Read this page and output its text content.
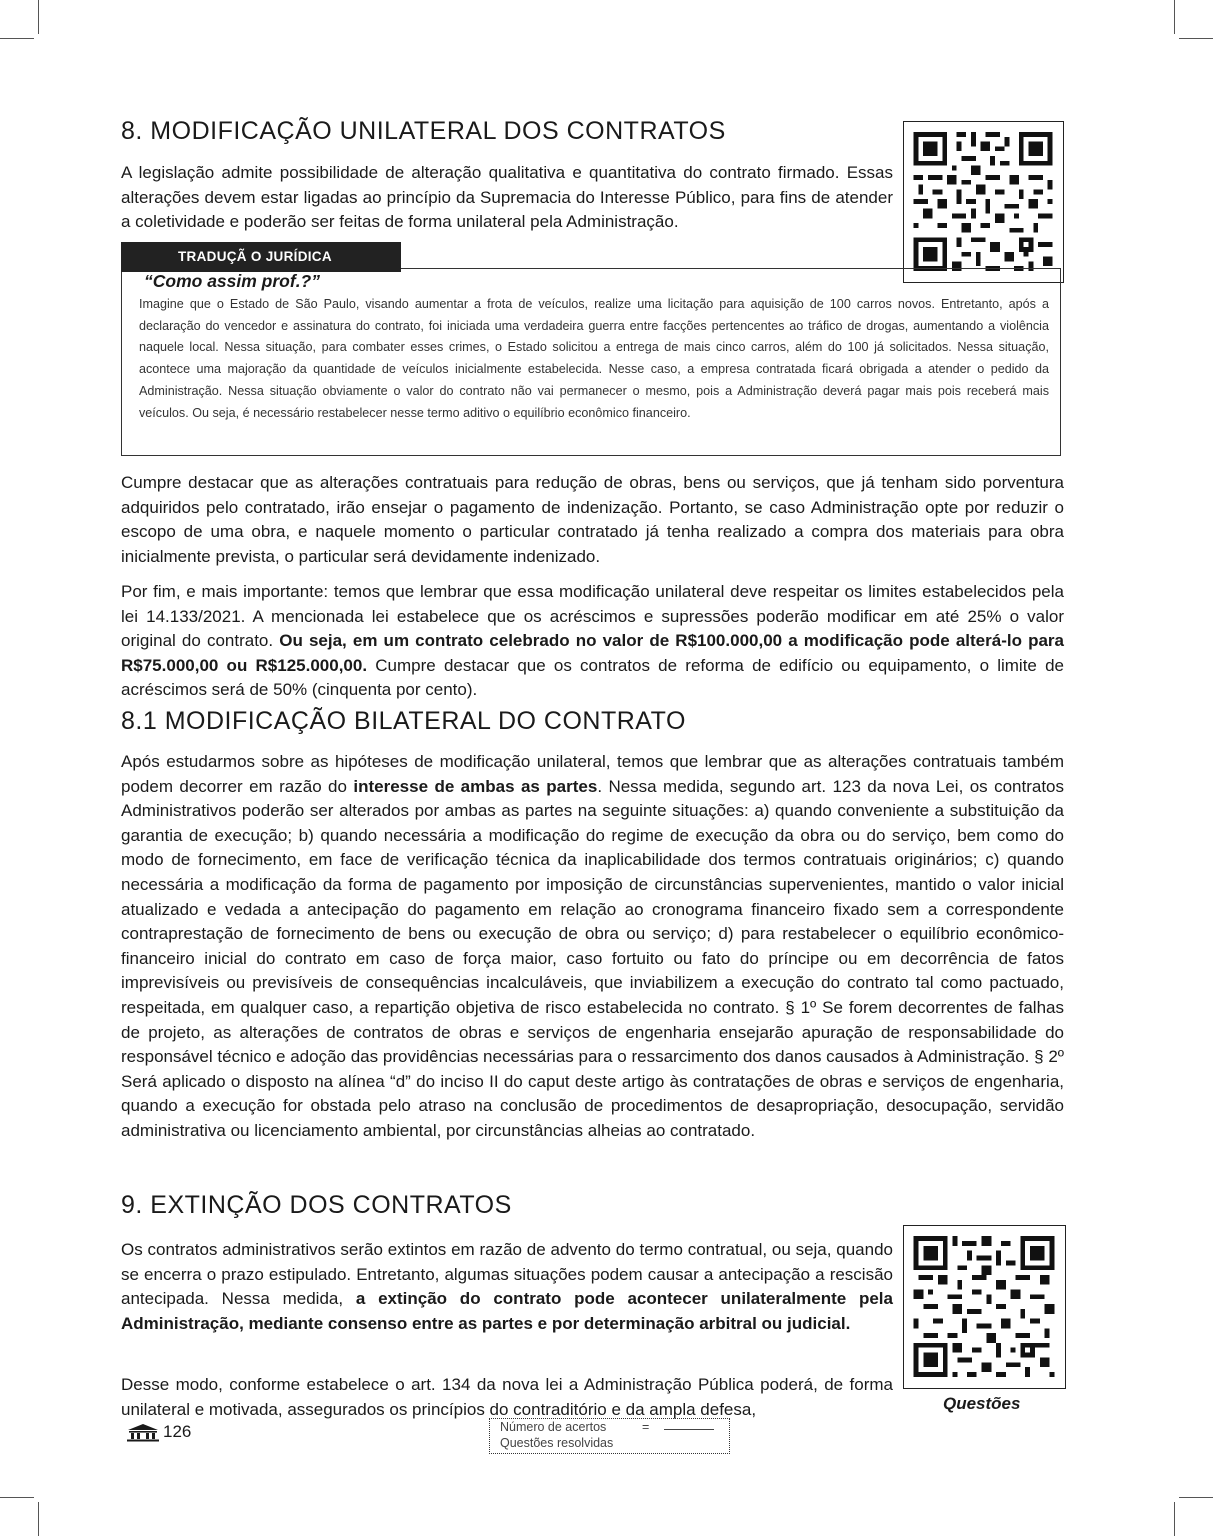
8. MODIFICAÇÃO UNILATERAL DOS CONTRATOS

A legislação admite possibilidade de alteração qualitativa e quantitativa do contrato firmado. Essas alterações devem estar ligadas ao princípio da Supremacia do Interesse Público, para fins de atender a coletividade e poderão ser feitas de forma unilateral pela Administração.

TRADUÇÃ O JURÍDICA
“Como assim prof.?”

Imagine que o Estado de São Paulo, visando aumentar a frota de veículos, realize uma licitação para aquisição de 100 carros novos. Entretanto, após a declaração do vencedor e assinatura do contrato, foi iniciada uma verdadeira guerra entre facções pertencentes ao tráfico de drogas, aumentando a violência naquele local. Nessa situação, para combater esses crimes, o Estado solicitou a entrega de mais cinco carros, além do 100 já solicitados. Nessa situação, acontece uma majoração da quantidade de veículos inicialmente estabelecida. Nesse caso, a empresa contratada ficará obrigada a atender o pedido da Administração. Nessa situação obviamente o valor do contrato não vai permanecer o mesmo, pois a Administração deverá pagar mais pois receberá mais veículos. Ou seja, é necessário restabelecer nesse termo aditivo o equilíbrio econômico financeiro.

Cumpre destacar que as alterações contratuais para redução de obras, bens ou serviços, que já tenham sido porventura adquiridos pelo contratado, irão ensejar o pagamento de indenização. Portanto, se caso Administração opte por reduzir o escopo de uma obra, e naquele momento o particular contratado já tenha realizado a compra dos materiais para obra inicialmente prevista, o particular será devidamente indenizado.

Por fim, e mais importante: temos que lembrar que essa modificação unilateral deve respeitar os limites estabelecidos pela lei 14.133/2021. A mencionada lei estabelece que os acréscimos e supressões poderão modificar em até 25% o valor original do contrato. Ou seja, em um contrato celebrado no valor de R$100.000,00 a modificação pode alterá-lo para R$75.000,00 ou R$125.000,00. Cumpre destacar que os contratos de reforma de edifício ou equipamento, o limite de acréscimos será de 50% (cinquenta por cento).

8.1 MODIFICAÇÃO BILATERAL DO CONTRATO

Após estudarmos sobre as hipóteses de modificação unilateral, temos que lembrar que as alterações contratuais também podem decorrer em razão do interesse de ambas as partes. Nessa medida, segundo art. 123 da nova Lei, os contratos Administrativos poderão ser alterados por ambas as partes na seguinte situações: a) quando conveniente a substituição da garantia de execução; b) quando necessária a modificação do regime de execução da obra ou do serviço, bem como do modo de fornecimento, em face de verificação técnica da inaplicabilidade dos termos contratuais originários; c) quando necessária a modificação da forma de pagamento por imposição de circunstâncias supervenientes, mantido o valor inicial atualizado e vedada a antecipação do pagamento em relação ao cronograma financeiro fixado sem a correspondente contraprestação de fornecimento de bens ou execução de obra ou serviço; d) para restabelecer o equilíbrio econômico-financeiro inicial do contrato em caso de força maior, caso fortuito ou fato do príncipe ou em decorrência de fatos imprevisíveis ou previsíveis de consequências incalculáveis, que inviabilizem a execução do contrato tal como pactuado, respeitada, em qualquer caso, a repartição objetiva de risco estabelecida no contrato. § 1º Se forem decorrentes de falhas de projeto, as alterações de contratos de obras e serviços de engenharia ensejarão apuração de responsabilidade do responsável técnico e adoção das providências necessárias para o ressarcimento dos danos causados à Administração. § 2º Será aplicado o disposto na alínea “d” do inciso II do caput deste artigo às contratações de obras e serviços de engenharia, quando a execução for obstada pelo atraso na conclusão de procedimentos de desapropriação, desocupação, servidão administrativa ou licenciamento ambiental, por circunstâncias alheias ao contratado.

9. EXTINÇÃO DOS CONTRATOS

Os contratos administrativos serão extintos em razão de advento do termo contratual, ou seja, quando se encerra o prazo estipulado. Entretanto, algumas situações podem causar a antecipação a rescisão antecipada. Nessa medida, a extinção do contrato pode acontecer unilateralmente pela Administração, mediante consenso entre as partes e por determinação arbitral ou judicial.

Desse modo, conforme estabelece o art. 134 da nova lei a Administração Pública poderá, de forma unilateral e motivada, assegurados os princípios do contraditório e da ampla defesa,	Questões
126	Número de acertos	=
Questões resolvidas
